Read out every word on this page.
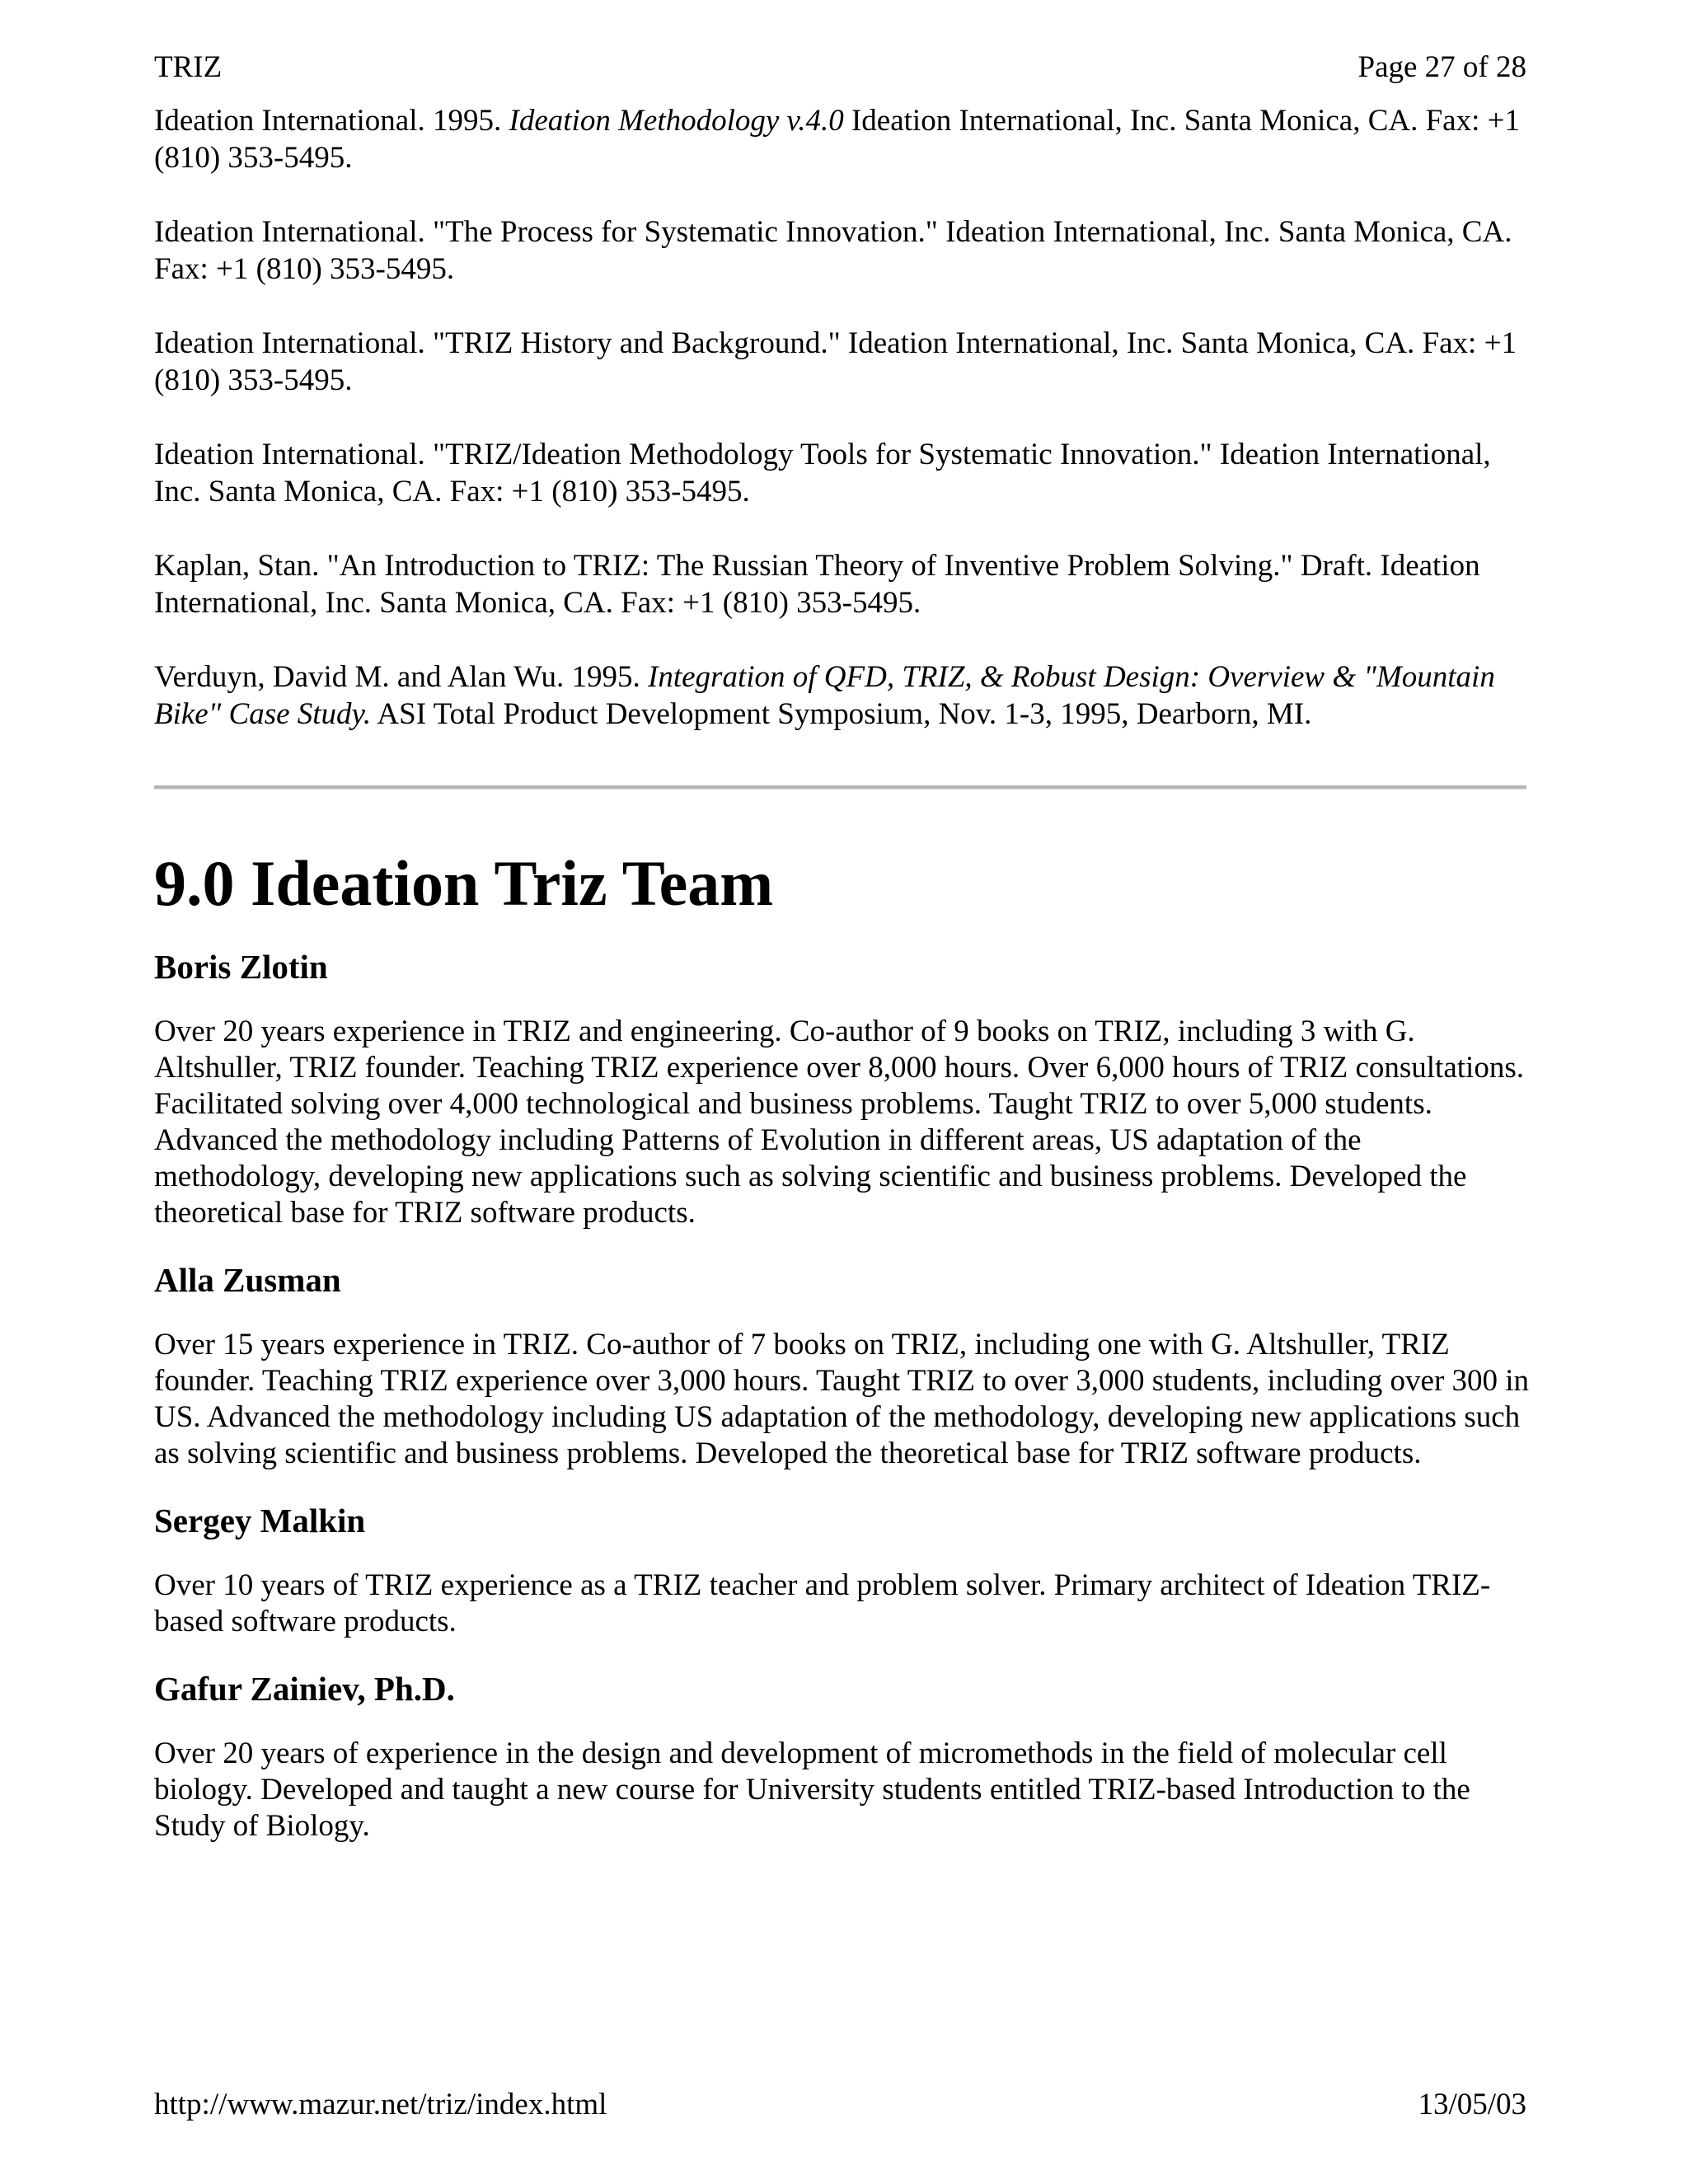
TRIZ	Page 27 of 28

Ideation International. 1995. Ideation Methodology v.4.0 Ideation International, Inc. Santa Monica, CA. Fax: +1 (810) 353-5495.

Ideation International. "The Process for Systematic Innovation." Ideation International, Inc. Santa Monica, CA. Fax: +1 (810) 353-5495.

Ideation International. "TRIZ History and Background." Ideation International, Inc. Santa Monica, CA. Fax: +1 (810) 353-5495.

Ideation International. "TRIZ/Ideation Methodology Tools for Systematic Innovation." Ideation International, Inc. Santa Monica, CA. Fax: +1 (810) 353-5495.

Kaplan, Stan. "An Introduction to TRIZ: The Russian Theory of Inventive Problem Solving." Draft. Ideation International, Inc. Santa Monica, CA. Fax: +1 (810) 353-5495.

Verduyn, David M. and Alan Wu. 1995. Integration of QFD, TRIZ, & Robust Design: Overview & "Mountain Bike" Case Study. ASI Total Product Development Symposium, Nov. 1-3, 1995, Dearborn, MI.

9.0 Ideation Triz Team
Boris Zlotin

Over 20 years experience in TRIZ and engineering. Co-author of 9 books on TRIZ, including 3 with G. Altshuller, TRIZ founder. Teaching TRIZ experience over 8,000 hours. Over 6,000 hours of TRIZ consultations. Facilitated solving over 4,000 technological and business problems. Taught TRIZ to over 5,000 students. Advanced the methodology including Patterns of Evolution in different areas, US adaptation of the methodology, developing new applications such as solving scientific and business problems. Developed the theoretical base for TRIZ software products.

Alla Zusman

Over 15 years experience in TRIZ. Co-author of 7 books on TRIZ, including one with G. Altshuller, TRIZ founder. Teaching TRIZ experience over 3,000 hours. Taught TRIZ to over 3,000 students, including over 300 in US. Advanced the methodology including US adaptation of the methodology, developing new applications such as solving scientific and business problems. Developed the theoretical base for TRIZ software products.

Sergey Malkin

Over 10 years of TRIZ experience as a TRIZ teacher and problem solver. Primary architect of Ideation TRIZ-based software products.

Gafur Zainiev, Ph.D.

Over 20 years of experience in the design and development of micromethods in the field of molecular cell biology. Developed and taught a new course for University students entitled TRIZ-based Introduction to the Study of Biology.

http://www.mazur.net/triz/index.html	13/05/03
